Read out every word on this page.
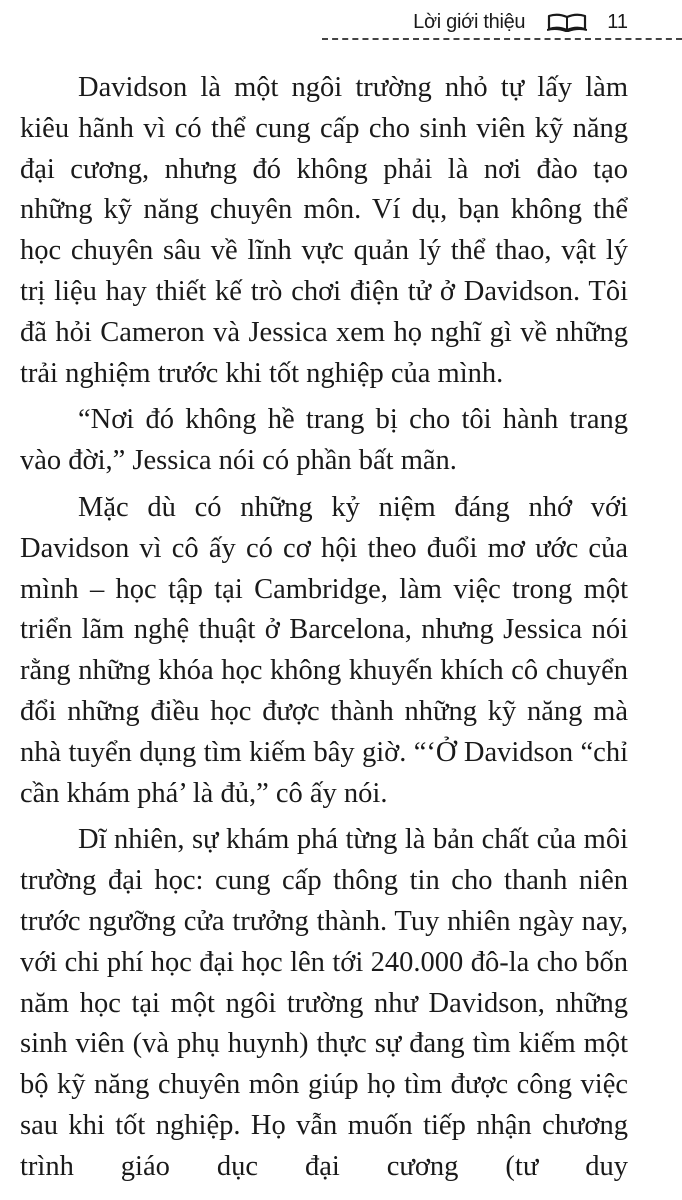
Lời giới thiệu	11

Davidson là một ngôi trường nhỏ tự lấy làm kiêu hãnh vì có thể cung cấp cho sinh viên kỹ năng đại cương, nhưng đó không phải là nơi đào tạo những kỹ năng chuyên môn. Ví dụ, bạn không thể học chuyên sâu về lĩnh vực quản lý thể thao, vật lý trị liệu hay thiết kế trò chơi điện tử ở Davidson. Tôi đã hỏi Cameron và Jessica xem họ nghĩ gì về những trải nghiệm trước khi tốt nghiệp của mình.

“Nơi đó không hề trang bị cho tôi hành trang vào đời,” Jessica nói có phần bất mãn.

Mặc dù có những kỷ niệm đáng nhớ với Davidson vì cô ấy có cơ hội theo đuổi mơ ước của mình – học tập tại Cambridge, làm việc trong một triển lãm nghệ thuật ở Barcelona, nhưng Jessica nói rằng những khóa học không khuyến khích cô chuyển đổi những điều học được thành những kỹ năng mà nhà tuyển dụng tìm kiếm bây giờ. “‘Ở Davidson “chỉ cần khám phá’ là đủ,” cô ấy nói.

Dĩ nhiên, sự khám phá từng là bản chất của môi trường đại học: cung cấp thông tin cho thanh niên trước ngưỡng cửa trưởng thành. Tuy nhiên ngày nay, với chi phí học đại học lên tới 240.000 đô-la cho bốn năm học tại một ngôi trường như Davidson, những sinh viên (và phụ huynh) thực sự đang tìm kiếm một bộ kỹ năng chuyên môn giúp họ tìm được công việc sau khi tốt nghiệp. Họ vẫn muốn tiếp nhận chương trình giáo dục đại cương (tư duy
